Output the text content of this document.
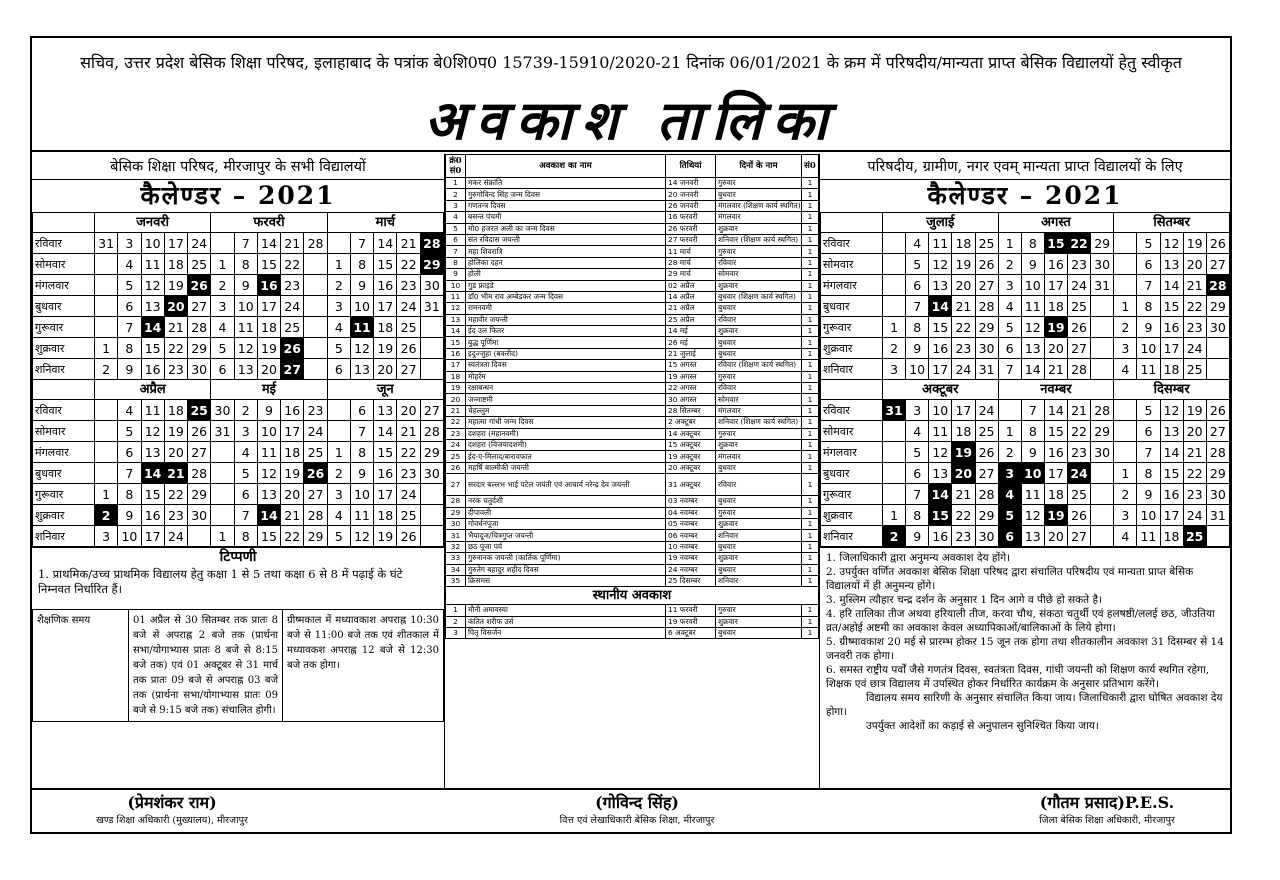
सचिव, उत्तर प्रदेश बेसिक शिक्षा परिषद, इलाहाबाद के पत्रांक बे0शि0प0 15739-15910/2020-21 दिनांक 06/01/2021 के क्रम में परिषदीय/मान्यता प्राप्त बेसिक विद्यालयों हेतु स्वीकृत
अवकाश तालिका
बेसिक शिक्षा परिषद, मीरजापुर के सभी विद्यालयों
कैलेण्डर – 2021
	जनवरी					फरवरी					मार्च				
रविवार	31	3	10	17	24		7	14	21	28		7	14	21	28
सोमवार		4	11	18	25	1	8	15	22		1	8	15	22	29
मंगलवार		5	12	19	26	2	9	16	23		2	9	16	23	30
बुधवार		6	13	20	27	3	10	17	24		3	10	17	24	31
गुरूवार		7	14	21	28	4	11	18	25		4	11	18	25	
शुक्रवार	1	8	15	22	29	5	12	19	26		5	12	19	26	
शनिवार	2	9	16	23	30	6	13	20	27		6	13	20	27	
	अप्रैल					मई					जून				
रविवार		4	11	18	25	30	2	9	16	23		6	13	20	27
सोमवार		5	12	19	26	31	3	10	17	24		7	14	21	28
मंगलवार		6	13	20	27		4	11	18	25	1	8	15	22	29
बुधवार		7	14	21	28		5	12	19	26	2	9	16	23	30
गुरूवार	1	8	15	22	29		6	13	20	27	3	10	17	24	
शुक्रवार	2	9	16	23	30		7	14	21	28	4	11	18	25	
शनिवार	3	10	17	24		1	8	15	22	29	5	12	19	26	
टिप्पणी
1. प्राथमिक/उच्च प्राथमिक विद्यालय हेतु कक्षा 1 से 5 तथा कक्षा 6 से 8 में पढ़ाई के घंटे निम्नवत निर्धारित हैं।
शैक्षणिक समय	01 अप्रैल से 30 सितम्बर तक प्रातः 8 बजे से अपराह्न 2 बजे तक (प्रार्थना सभा/योगाभ्यास प्रातः 8 बजे से 8:15 बजे तक) एवं 01 अक्टूबर से 31 मार्च तक प्रातः 09 बजे से अपराह्न 03 बजे तक (प्रार्थना सभा/योगाभ्यास प्रातः 09 बजे से 9:15 बजे तक) संचालित होगी।	ग्रीष्मकाल में मध्यावकाश अपराह्न 10:30 बजे से 11:00 बजे तक एवं शीतकाल में मध्यावकश अपराह्न 12 बजे से 12:30 बजे तक होगा।
क्रं0 सं0	अवकाश का नाम	तिथियां	दिनों के नाम	सं0
1	मकर संक्रांति	14 जनवरी	गुरुवार	1
2	गुरुगोविन्द सिंह जन्म दिवस	20 जनवरी	बुधवार	1
3	गणतन्त्र दिवस	26 जनवरी	मंगलवार (शिक्षण कार्य स्थगित)	1
4	बसन्त पंचमी	16 फरवरी	मंगलवार	1
5	मो0 हजरत अली का जन्म दिवस	26 फरवरी	शुक्रवार	1
6	संत रविदास जयन्ती	27 फरवरी	शनिवार (शिक्षण कार्य स्थगित)	1
7	महा शिवरात्रि	11 मार्च	गुरुवार	1
8	होलिका दहन	28 मार्च	रविवार	1
9	होली	29 मार्च	सोमवार	1
10	गुड फ्राइडे	02 अप्रैल	शुक्रवार	1
11	डॉ0 भीम राव अम्बेडकर जन्म दिवस	14 अप्रैल	बुधवार (शिक्षण कार्य स्थगित)	1
12	रामनवमी	21 अप्रैल	बुधवार	1
13	महावीर जयन्ती	25 अप्रैल	रविवार	1
14	ईद उल फितर	14 मई	शुक्रवार	1
15	बुद्ध पूर्णिमा	26 मई	बुधवार	1
16	इदुज्जुहा (बकरीद)	21 जुलाई	बुधवार	1
17	स्वतंत्रता दिवस	15 अगस्त	रविवार (शिक्षण कार्य स्थगित)	1
18	मोहर्रम	19 अगस्त	गुरुवार	1
19	रक्षाबन्धन	22 अगस्त	रविवार	1
20	जन्माष्टमी	30 अगस्त	सोमवार	1
21	चेहल्लुम	28 सितम्बर	मंगलवार	1
22	महात्मा गांधी जन्म दिवस	2 अक्टूबर	शनिवार (शिक्षण कार्य स्थगित)	1
23	दशहरा (महानवमी)	14 अक्टूबर	गुरुवार	1
24	दशहरा (विजयादशमी)	15 अक्टूबर	शुक्रवार	1
25	ईद-ए-मिलाद/बारावफात	19 अक्टूबर	मंगलवार	1
26	महर्षि बाल्मीकी जयन्ती	20 अक्टूबर	बुधवार	1
27	सरदार बल्लभ भाई पटेल जयंती एवं आचार्य नरेन्द्र देव जयन्ती	31 अक्टूबर	रविवार	1
28	नरक चतुर्दशी	03 नवम्बर	बुधवार	1
29	दीपावली	04 नवम्बर	गुरुवार	1
30	गोवर्धनपूजा	05 नवम्बर	शुक्रवार	1
31	भैयादूज/चित्रगुप्त जयन्ती	06 नवम्बर	शनिवार	1
32	छठ पूजा पर्व	10 नवम्बर	बुधवार	1
33	गुरुनानक जयन्ती (कार्तिक पूर्णिमा)	19 नवम्बर	शुक्रवार	1
34	गुरुतेग बहादुर शहीद दिवस	24 नवम्बर	बुधवार	1
35	क्रिसमस	25 दिसम्बर	शनिवार	1
स्थानीय अवकाश
1	मौनी अमावस्या	11 फरवरी	गुरुवार	1
2	कंतित शरीफ उर्स	19 फरवरी	शुक्रवार	1
3	पितृ विसर्जन	6 अक्टूबर	बुधवार	1
परिषदीय, ग्रामीण, नगर एवम् मान्यता प्राप्त विद्यालयों के लिए
कैलेण्डर – 2021
	जुलाई					अगस्त					सितम्बर				
रविवार		4	11	18	25	1	8	15	22	29		5	12	19	26
सोमवार		5	12	19	26	2	9	16	23	30		6	13	20	27
मंगलवार		6	13	20	27	3	10	17	24	31		7	14	21	28
बुधवार		7	14	21	28	4	11	18	25		1	8	15	22	29
गुरूवार	1	8	15	22	29	5	12	19	26		2	9	16	23	30
शुक्रवार	2	9	16	23	30	6	13	20	27		3	10	17	24	
शनिवार	3	10	17	24	31	7	14	21	28		4	11	18	25	
	अक्टूबर					नवम्बर					दिसम्बर				
रविवार	31	3	10	17	24		7	14	21	28		5	12	19	26
सोमवार		4	11	18	25	1	8	15	22	29		6	13	20	27
मंगलवार		5	12	19	26	2	9	16	23	30		7	14	21	28
बुधवार		6	13	20	27	3	10	17	24		1	8	15	22	29
गुरूवार		7	14	21	28	4	11	18	25		2	9	16	23	30
शुक्रवार	1	8	15	22	29	5	12	19	26		3	10	17	24	31
शनिवार	2	9	16	23	30	6	13	20	27		4	11	18	25	

1. जिलाधिकारी द्वारा अनुमन्य अवकाश देय होंगे।

2. उपर्युक्त वर्णित अवकाश बेसिक शिक्षा परिषद द्वारा संचालित परिषदीय एवं मान्यता प्राप्त बेसिक विद्यालयों में ही अनुमन्य होंगे।

3. मुस्लिम त्यौहार चन्द्र दर्शन के अनुसार 1 दिन आगे व पीछे हो सकते है।

4. हरि तालिका तीज अथवा हरियाली तीज, करवा चौथ, संकठा चतुर्थी एवं हलषष्ठी/ललई छठ, जीउतिया व्रत/अहोई अष्टमी का अवकाश केवल अध्यापिकाओं/बालिकाओं के लिये होगा।

5. ग्रीष्मावकाश 20 मई से प्रारम्भ होकर 15 जून तक होगा तथा शीतकालीन अवकाश 31 दिसम्बर से 14 जनवरी तक होगा।

6. समस्त राष्ट्रीय पर्वों जैसे गणतंत्र दिवस, स्वतंत्रता दिवस, गांधी जयन्ती को शिक्षण कार्य स्थगित रहेगा, शिक्षक एवं छात्र विद्यालय में उपस्थित होकर निर्धारित कार्यक्रम के अनुसार प्रतिभाग करेंगे।

विद्यालय समय सारिणी के अनुसार संचालित किया जाय। जिलाधिकारी द्वारा घोषित अवकाश देय होगा।

उपर्युक्त आदेशों का कड़ाई से अनुपालन सुनिश्चित किया जाय।

(प्रेमशंकर राम)
खण्ड शिक्षा अधिकारी (मुख्यालय), मीरजापुर
(गोविन्द सिंह)
वित्त एवं लेखाधिकारी बेसिक शिक्षा, मीरजापुर
(गौतम प्रसाद)P.E.S.
जिला बेसिक शिक्षा अधिकारी, मीरजापुर
